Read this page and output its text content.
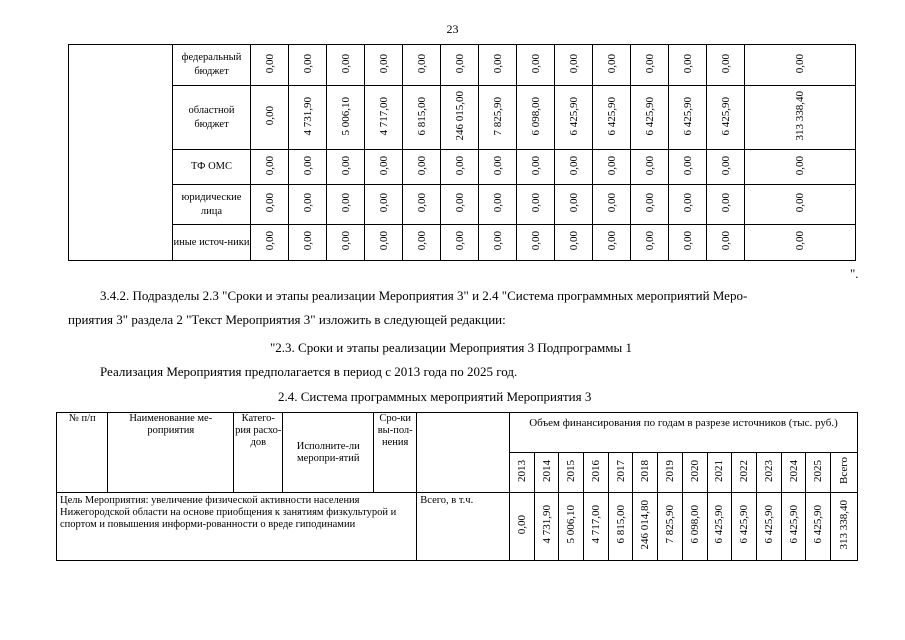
23
	федеральный бюджет	0,00	0,00	0,00	0,00	0,00	0,00	0,00	0,00	0,00	0,00	0,00	0,00	0,00	0,00
	областной бюджет	0,00	4 731,90	5 006,10	4 717,00	6 815,00	246 015,00	7 825,90	6 098,00	6 425,90	6 425,90	6 425,90	6 425,90	6 425,90	313 338,40
	ТФ ОМС	0,00	0,00	0,00	0,00	0,00	0,00	0,00	0,00	0,00	0,00	0,00	0,00	0,00	0,00
	юридические лица	0,00	0,00	0,00	0,00	0,00	0,00	0,00	0,00	0,00	0,00	0,00	0,00	0,00	0,00
	иные источ-ники	0,00	0,00	0,00	0,00	0,00	0,00	0,00	0,00	0,00	0,00	0,00	0,00	0,00	0,00
".
3.4.2. Подразделы 2.3 "Сроки и этапы реализации Мероприятия 3" и 2.4 "Система программных мероприятий Меро-
приятия 3" раздела 2 "Текст Мероприятия 3" изложить в следующей редакции:
"2.3. Сроки и этапы реализации Мероприятия 3 Подпрограммы 1
Реализация Мероприятия предполагается в период с 2013 года по 2025 год.
2.4. Система программных мероприятий Мероприятия 3
№ п/п	Наименование ме-роприятия	Катего-рия расхо-дов	Исполните-ли меропри-ятий	Сро-ки вы-пол-нения		Объем финансирования по годам в разрезе источников (тыс. руб.)													
						2013	2014	2015	2016	2017	2018	2019	2020	2021	2022	2023	2024	2025	Всего
Цель Мероприятия: увеличение физической активности населения Нижегородской области на основе приобщения к занятиям физкультурой и спортом и повышения информи-рованности о вреде гиподинамии					Всего, в т.ч.	0,00	4 731,90	5 006,10	4 717,00	6 815,00	246 014,80	7 825,90	6 098,00	6 425,90	6 425,90	6 425,90	6 425,90	6 425,90	313 338,40
